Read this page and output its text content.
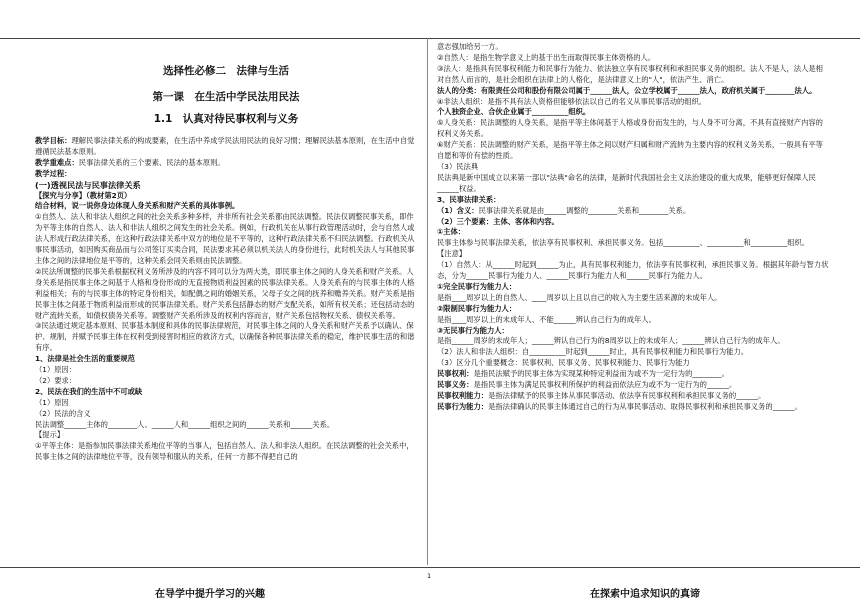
选择性必修二　法律与生活

第一课　在生活中学民法用民法

1.1　认真对待民事权利与义务

教学目标：理解民事法律关系的构成要素，在生活中养成学民法用民法的良好习惯；理解民法基本原则，在生活中自觉遵循民法基本原则。

教学重难点：民事法律关系的三个要素、民法的基本原则。

教学过程：

(一)透视民法与民事法律关系

【探究与分享】（教材第2页）

结合材料，说一说你身边体现人身关系和财产关系的具体事例。

①自然人、法人和非法人组织之间的社会关系多种多样，并非所有社会关系都由民法调整。民法仅调整民事关系，即作为平等主体的自然人、法人和非法人组织之间发生的社会关系。例如，行政机关在从事行政管理活动时，会与自然人或法人形成行政法律关系，在这种行政法律关系中双方的地位是不平等的，这种行政法律关系不归民法调整。行政机关从事民事活动，如因购买商品而与公司签订买卖合同，民法要求其必须以机关法人的身份进行，此时机关法人与其他民事主体之间的法律地位是平等的，这种关系会同关系则由民法调整。

②民法所调整的民事关系根据权利义务所涉及的内容不同可以分为两大类，即民事主体之间的人身关系和财产关系。人身关系是指民事主体之间基于人格和身份形成的无直接物质利益因素的民事法律关系。人身关系有的与民事主体的人格利益相关；有的与民事主体的特定身份相关，如配偶之间的婚姻关系，父母子女之间的抚养和赡养关系。财产关系是指民事主体之间基于物质利益而形成的民事法律关系。财产关系包括静态的财产支配关系，如所有权关系；还包括动态的财产流转关系，如债权债务关系等。调整财产关系所涉及的权利内容而言，财产关系包括物权关系、债权关系等。

③民法通过规定基本原则、民事基本制度和具体的民事法律规范，对民事主体之间的人身关系和财产关系予以确认、保护、规制，并赋予民事主体在权利受到侵害时相应的救济方式，以确保各种民事法律关系的稳定，维护民事生活的和谐有序。

1、法律是社会生活的重要规范

（1）原因：

（2）要求：

2、民法在我们的生活中不可或缺

（1）原因

（2）民法的含义

民法调整______主体的________人、______人和______组织之间的______关系和______关系。

【提示】

①平等主体：是指参加民事法律关系地位平等的当事人，包括自然人、法人和非法人组织。在民法调整的社会关系中，民事主体之间的法律地位平等，没有领导和服从的关系，任何一方都不得把自己的

意志强加给另一方。

②自然人：是指生物学意义上的基于出生而取得民事主体资格的人。

③法人：是指具有民事权利能力和民事行为能力、依法独立享有民事权利和承担民事义务的组织。法人不是人，法人是相对自然人而言的，是社会组织在法律上的人格化，是法律意义上的"人"，依法产生、消亡。

法人的分类：有限责任公司和股份有限公司属于______法人，公立学校属于______法人，政府机关属于________法人。

④非法人组织：是指不具有法人资格但能够依法以自己的名义从事民事活动的组织。

个人独资企业、合伙企业属于__________组织。

⑤人身关系：民法调整的人身关系，是指平等主体间基于人格或身份而发生的，与人身不可分离，不具有直接财产内容的权利义务关系。

⑥财产关系：民法调整的财产关系，是指平等主体之间以财产归属和财产流转为主要内容的权利义务关系，一般具有平等自愿和等价有偿的性质。

（3）民法典

民法典是新中国成立以来第一部以"法典"命名的法律，是新时代我国社会主义法治建设的重大成果，能够更好保障人民______权益。

3、民事法律关系：

（1）含义：民事法律关系就是由______调整的________关系和________关系。

（2）三个要素：主体、客体和内容。

①主体：

民事主体参与民事法律关系，依法享有民事权利、承担民事义务。包括__________、__________和__________组织。

【注意】

（1）自然人：从______时起到______为止，具有民事权利能力，依法享有民事权利，承担民事义务。根据其年龄与智力状态，分为______民事行为能力人、______民事行为能力人和______民事行为能力人。

①完全民事行为能力人：

是指____周岁以上的自然人、____周岁以上且以自己的收入为主要生活来源的未成年人。

②限制民事行为能力人：

是指____周岁以上的未成年人、不能______辨认自己行为的成年人。

③无民事行为能力人：

是指______周岁的未成年人；______辨认自己行为的8周岁以上的未成年人；______辨认自己行为的成年人。

（2）法人和非法人组织：自__________时起到______时止，具有民事权利能力和民事行为能力。

（3）区分几个重要概念：民事权利、民事义务、民事权利能力、民事行为能力

民事权利：是指民法赋予的民事主体为实现某种特定利益而为或不为一定行为的________。

民事义务：是指民事主体为满足民事权利所保护的利益而依法应为或不为一定行为的______。

民事权利能力：是指法律赋予的民事主体从事民事活动、依法享有民事权利和承担民事义务的______。

民事行为能力：是指法律确认的民事主体通过自己的行为从事民事活动、取得民事权利和承担民事义务的______。

1
在导学中提升学习的兴趣	在探索中追求知识的真谛
